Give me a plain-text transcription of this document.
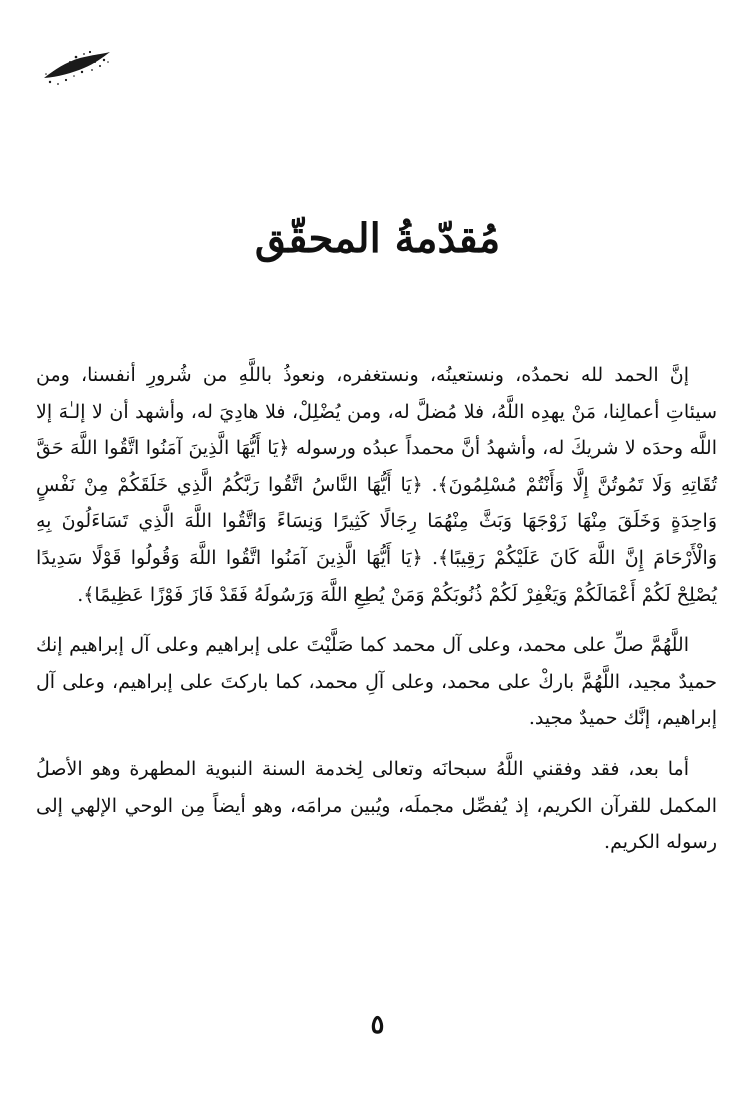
مُقدّمةُ المحقّق

إنَّ الحمد لله نحمدُه، ونستعينُه، ونستغفره، ونعوذُ باللَّهِ من شُرورِ أنفسنا، ومن سيئاتِ أعمالِنا، مَنْ يهدِه اللَّهُ، فلا مُضلَّ له، ومن يُضْلِلْ، فلا هادِيَ له، وأشهد أن لا إلـٰهَ إلا اللَّه وحدَه لا شريكَ له، وأشهدُ أنَّ محمداً عبدُه ورسوله ﴿يَا أَيُّهَا الَّذِينَ آمَنُوا اتَّقُوا اللَّهَ حَقَّ تُقَاتِهِ وَلَا تَمُوتُنَّ إِلَّا وَأَنْتُمْ مُسْلِمُونَ﴾. ﴿يَا أَيُّهَا النَّاسُ اتَّقُوا رَبَّكُمُ الَّذِي خَلَقَكُمْ مِنْ نَفْسٍ وَاحِدَةٍ وَخَلَقَ مِنْهَا زَوْجَهَا وَبَثَّ مِنْهُمَا رِجَالًا كَثِيرًا وَنِسَاءً وَاتَّقُوا اللَّهَ الَّذِي تَسَاءَلُونَ بِهِ وَالْأَرْحَامَ إِنَّ اللَّهَ كَانَ عَلَيْكُمْ رَقِيبًا﴾. ﴿يَا أَيُّهَا الَّذِينَ آمَنُوا اتَّقُوا اللَّهَ وَقُولُوا قَوْلًا سَدِيدًا يُصْلِحْ لَكُمْ أَعْمَالَكُمْ وَيَغْفِرْ لَكُمْ ذُنُوبَكُمْ وَمَنْ يُطِعِ اللَّهَ وَرَسُولَهُ فَقَدْ فَازَ فَوْزًا عَظِيمًا﴾.

اللَّهُمَّ صلِّ على محمد، وعلى آل محمد كما صَلَّيْتَ على إبراهيم وعلى آل إبراهيم إنك حميدٌ مجيد، اللَّهُمَّ باركْ على محمد، وعلى آلِ محمد، كما باركتَ على إبراهيم، وعلى آل إبراهيم، إنَّك حميدٌ مجيد.

أما بعد، فقد وفقني اللَّهُ سبحانَه وتعالى لِخدمة السنة النبوية المطهرة وهو الأصلُ المكمل للقرآن الكريم، إذ يُفصِّل مجملَه، ويُبين مرامَه، وهو أيضاً مِن الوحي الإلهي إلى رسوله الكريم.

٥
